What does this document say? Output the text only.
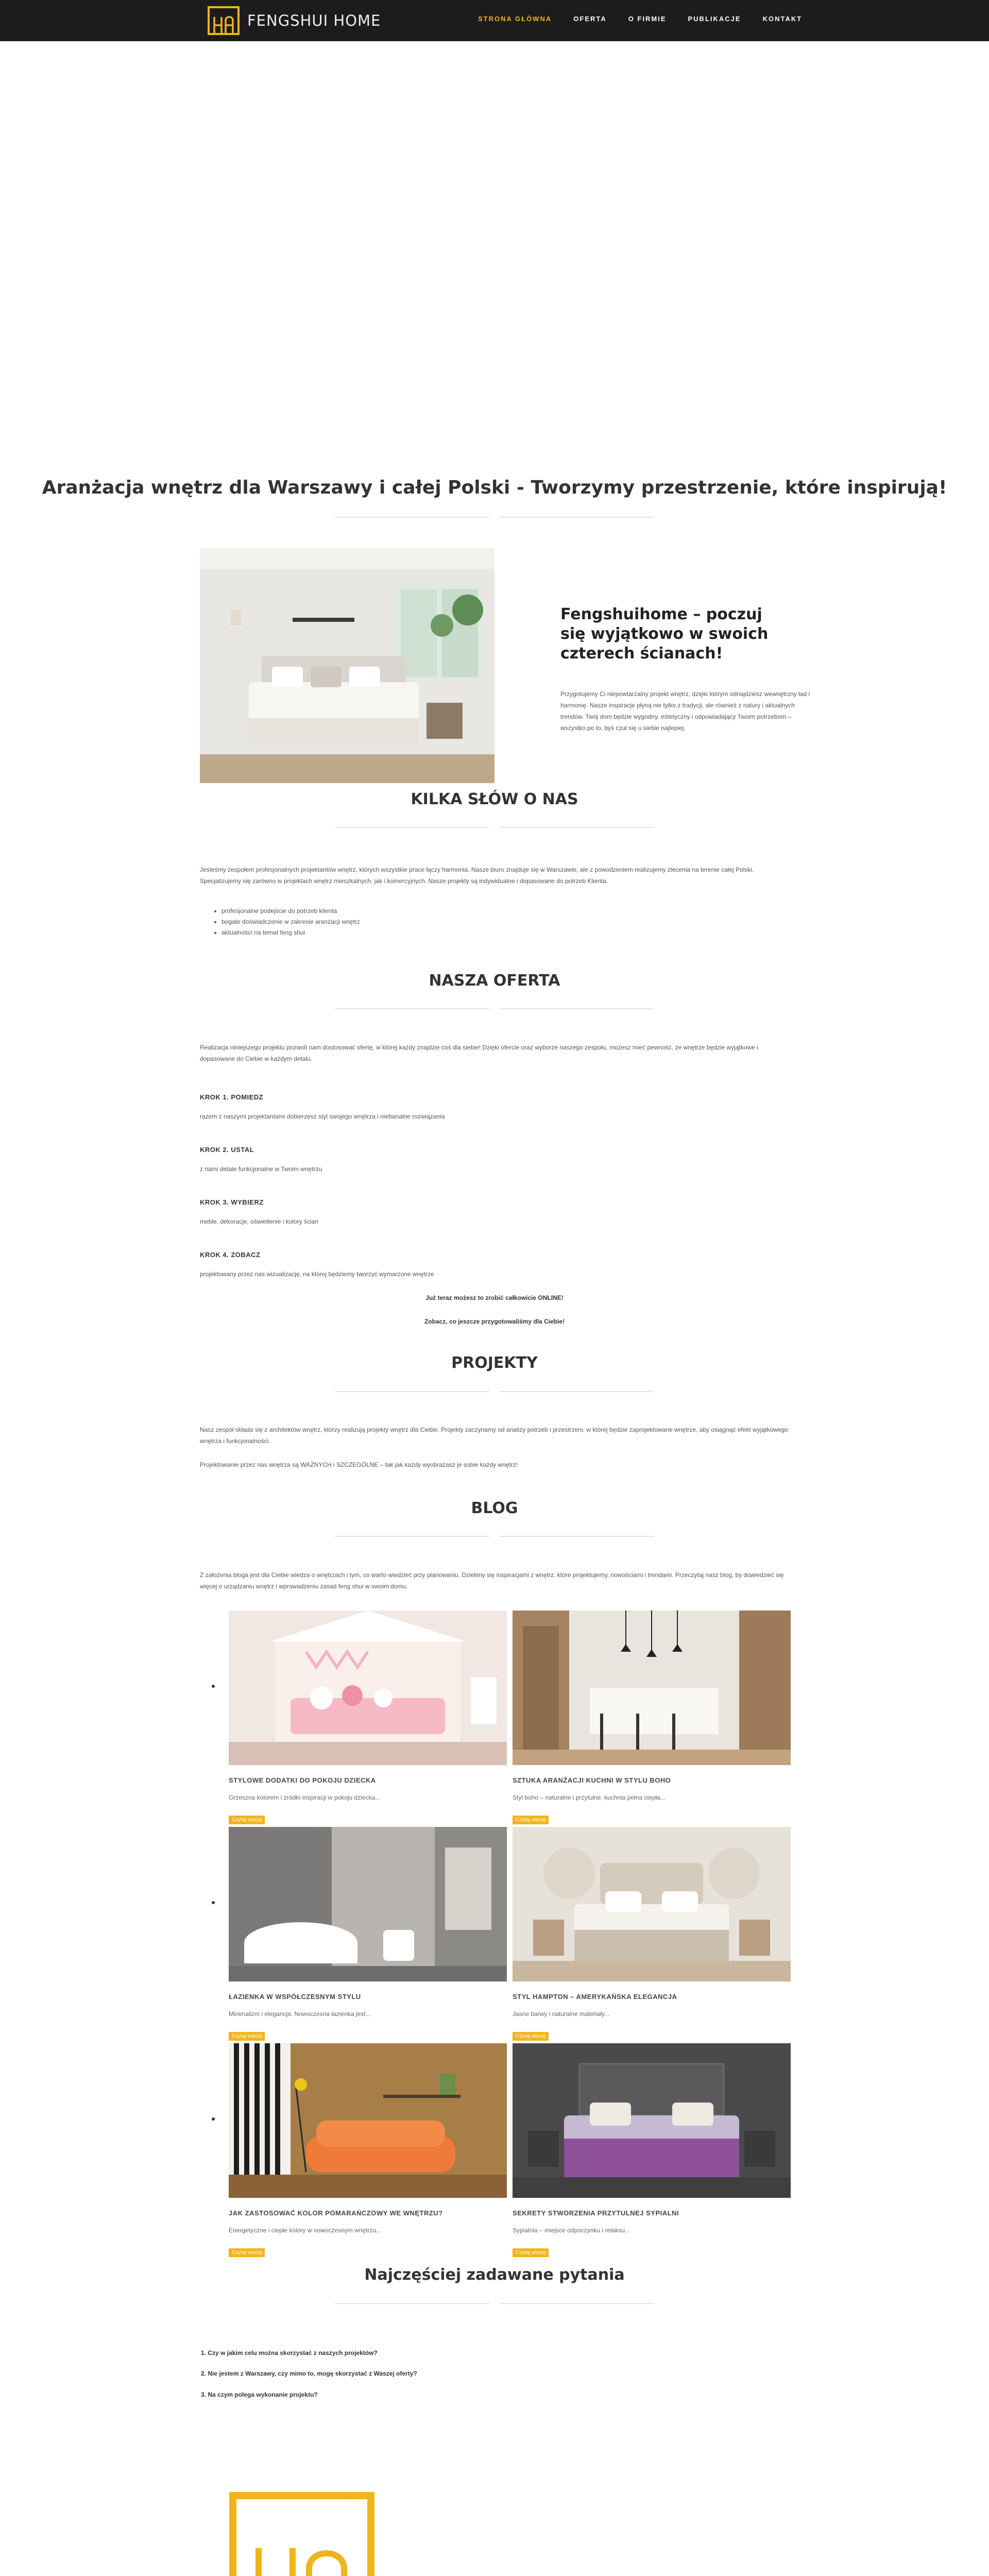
FENGSHUI HOME	STRONA GŁÓWNA	OFERTA	O FIRMIE	PUBLIKACJE	KONTAKT
Aranżacja wnętrz dla Warszawy i całej Polski - Tworzymy przestrzenie, które inspirują!
Fengshuihome – poczuj się wyjątkowo w swoich czterech ścianach!

Przygotujemy Ci niepowtarzalny projekt wnętrz, dzięki którym odnajdziesz wewnętrzny ład i harmonię. Nasze inspiracje płyną nie tylko z tradycji, ale również z natury i aktualnych trendów. Twój dom będzie wygodny, estetyczny i odpowiadający Twoim potrzebom – wszystko po to, byś czuł się u siebie najlepiej.

KILKA SŁÓW O NAS

Jesteśmy zespołem profesjonalnych projektantów wnętrz, których wszystkie prace łączy harmonia. Nasze biuro znajduje się w Warszawie, ale z powodzeniem realizujemy zlecenia na terenie całej Polski. Specjalizujemy się zarówno w projektach wnętrz mieszkalnych, jak i komercyjnych. Nasze projekty są indywidualne i dopasowane do potrzeb Klienta.

• profesjonalne podejście do potrzeb klienta
• bogate doświadczenie w zakresie aranżacji wnętrz
• aktualności na temat feng shui
NASZA OFERTA

Realizacja niniejszego projektu pozwoli nam dostosować ofertę, w której każdy znajdzie coś dla siebie! Dzięki ofercie oraz wyborze naszego zespołu, możesz mieć pewność, że wnętrze będzie wyjątkowe i dopasowane do Ciebie w każdym detalu.

KROK 1. POMIEDZ
razem z naszymi projektantami dobierzesz styl swojego wnętrza i niebanalne rozwiązania
KROK 2. USTAL
z nami detale funkcjonalne w Twoim wnętrzu
KROK 3. WYBIERZ
meble, dekoracje, oświetlenie i kolory ścian
KROK 4. ZOBACZ
projektowany przez nas wizualizację, na której będziemy tworzyć wymarzone wnętrze
Już teraz możesz to zrobić całkowicie ONLINE!
Zobacz, co jeszcze przygotowaliśmy dla Ciebie!
PROJEKTY

Nasz zespół składa się z architektów wnętrz, którzy realizują projekty wnętrz dla Ciebie. Projekty zaczynamy od analizy potrzeb i przestrzeni, w której będzie zaprojektowane wnętrze, aby osiągnąć efekt wyjątkowego wnętrza i funkcjonalności.

Projektowanie przez nas wnętrza są WAŻNYCH i SZCZEGÓLNE – tak jak każdy wyobrażasz je sobie każdy wnętrz!

BLOG

Z założenia bloga jest dla Ciebie wiedza o wnętrzach i tym, co warto wiedzieć przy planowaniu. Dzielimy się inspiracjami z wnętrz, które projektujemy, nowościami i trendami. Przeczytaj nasz blog, by dowiedzieć się więcej o urządzaniu wnętrz i wprowadzeniu zasad feng shui w swoim domu.

STYLOWE DODATKI DO POKOJU DZIECKA
Grzeszna kolorem i źródło inspiracji w pokoju dziecka...
Czytaj więcej
SZTUKA ARANŻACJI KUCHNI W STYLU BOHO
Styl boho – naturalne i przytulne, kuchnia pełna ciepła...
Czytaj więcej
ŁAZIENKA W WSPÓŁCZESNYM STYLU
Minimalizm i elegancja. Nowoczesna łazienka jest...
Czytaj więcej
STYL HAMPTON – AMERYKAŃSKA ELEGANCJA
Jasne barwy i naturalne materiały...
Czytaj więcej
JAK ZASTOSOWAĆ KOLOR POMARAŃCZOWY WE WNĘTRZU?
Energetyczne i ciepłe kolory w nowoczesnym wnętrzu...
Czytaj więcej
SEKRETY STWORZENIA PRZYTULNEJ SYPIALNI
Sypialnia – miejsce odpoczynku i relaksu...
Czytaj więcej
Najczęściej zadawane pytania
1. Czy w jakim celu można skorzystać z naszych projektów?
2. Nie jestem z Warszawy, czy mimo to, mogę skorzystać z Waszej oferty?
3. Na czym polega wykonanie projektu?
